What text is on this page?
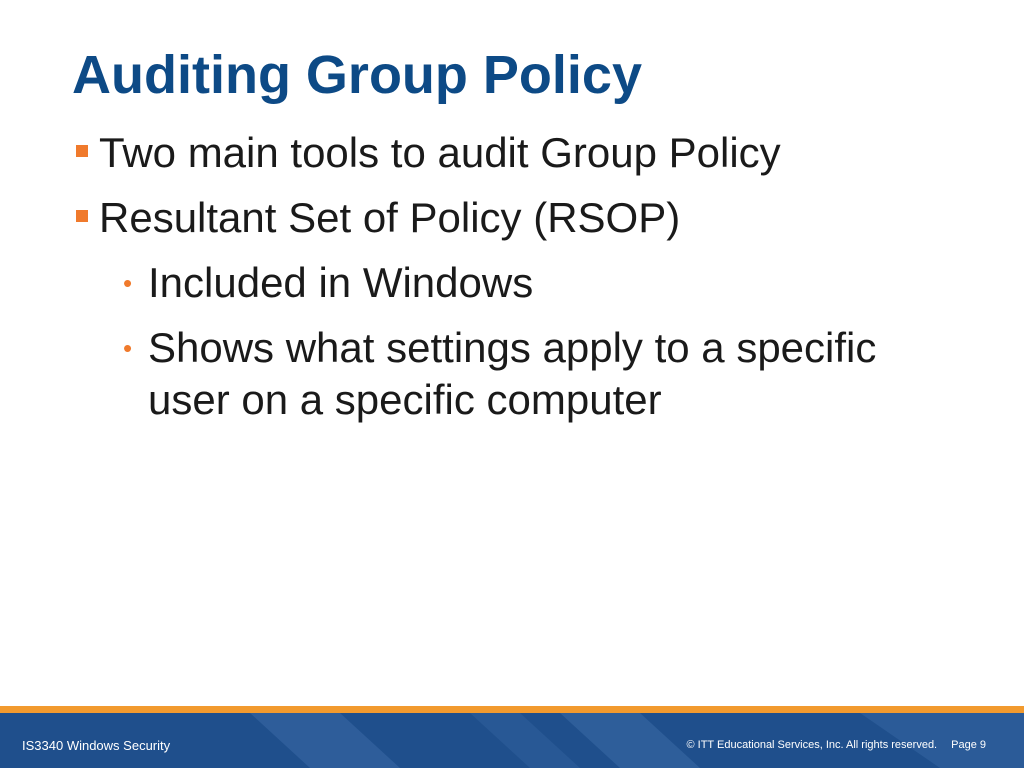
Auditing Group Policy
Two main tools to audit Group Policy
Resultant Set of Policy (RSOP)
• Included in Windows
• Shows what settings apply to a specific
user on a specific computer
IS3340 Windows Security	© ITT Educational Services, Inc. All rights reserved. Page 9
